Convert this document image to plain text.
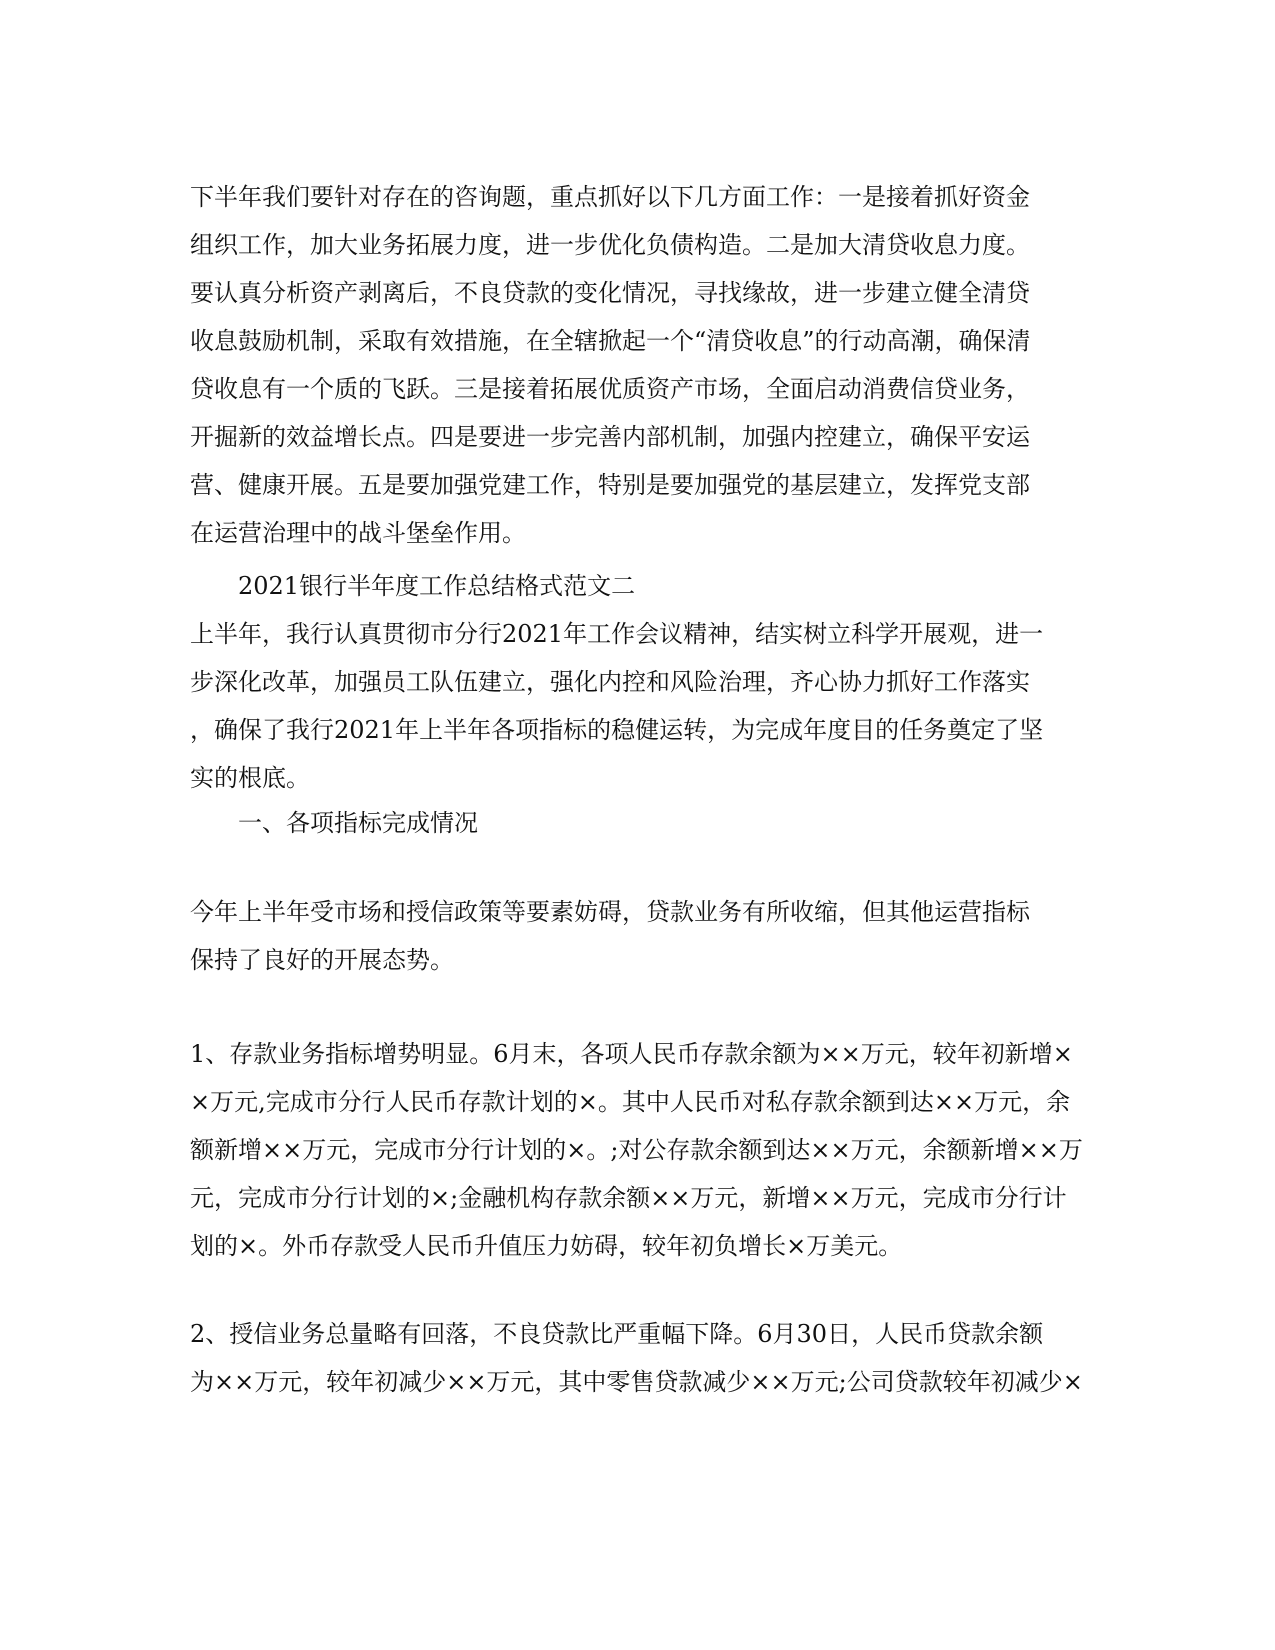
下半年我们要针对存在的咨询题，重点抓好以下几方面工作：一是接着抓好资金
组织工作，加大业务拓展力度，进一步优化负债构造。二是加大清贷收息力度。
要认真分析资产剥离后，不良贷款的变化情况，寻找缘故，进一步建立健全清贷
收息鼓励机制，采取有效措施，在全辖掀起一个“清贷收息”的行动高潮，确保清
贷收息有一个质的飞跃。三是接着拓展优质资产市场，全面启动消费信贷业务，
开掘新的效益增长点。四是要进一步完善内部机制，加强内控建立，确保平安运
营、健康开展。五是要加强党建工作，特别是要加强党的基层建立，发挥党支部
在运营治理中的战斗堡垒作用。
2021银行半年度工作总结格式范文二
上半年，我行认真贯彻市分行2021年工作会议精神，结实树立科学开展观，进一
步深化改革，加强员工队伍建立，强化内控和风险治理，齐心协力抓好工作落实
，确保了我行2021年上半年各项指标的稳健运转，为完成年度目的任务奠定了坚
实的根底。
一、各项指标完成情况
今年上半年受市场和授信政策等要素妨碍，贷款业务有所收缩，但其他运营指标
保持了良好的开展态势。
1、存款业务指标增势明显。6月末，各项人民币存款余额为××万元，较年初新增×
×万元,完成市分行人民币存款计划的×。其中人民币对私存款余额到达××万元，余
额新增××万元，完成市分行计划的×。;对公存款余额到达××万元，余额新增××万
元，完成市分行计划的×;金融机构存款余额××万元，新增××万元，完成市分行计
划的×。外币存款受人民币升值压力妨碍，较年初负增长×万美元。
2、授信业务总量略有回落，不良贷款比严重幅下降。6月30日，人民币贷款余额
为××万元，较年初减少××万元，其中零售贷款减少××万元;公司贷款较年初减少×
